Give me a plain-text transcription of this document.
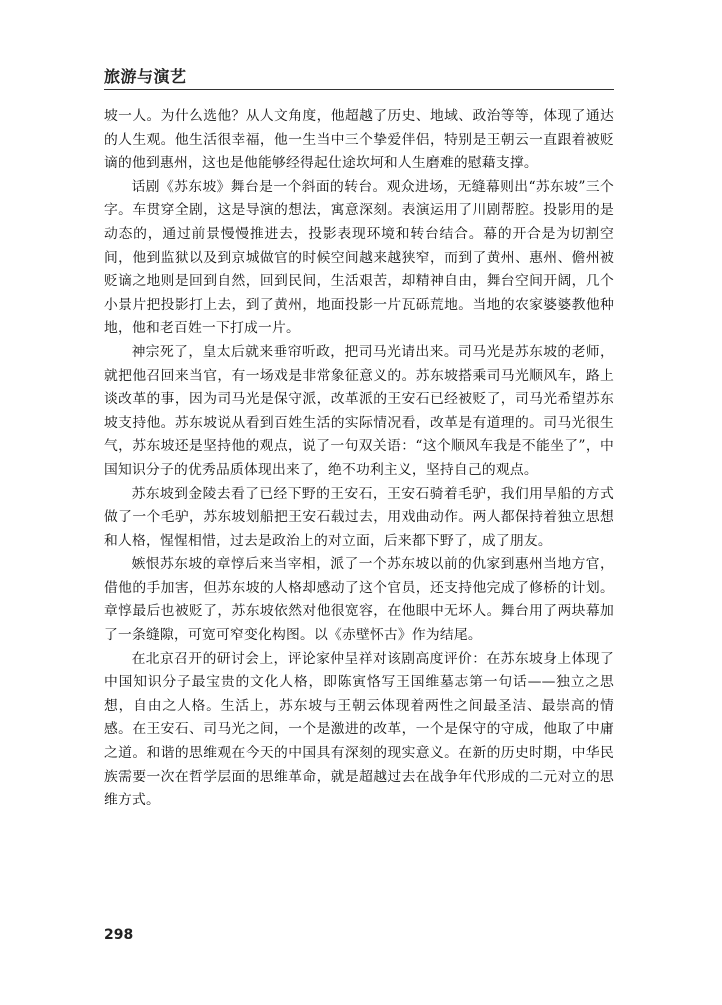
旅游与演艺

坡一人。为什么选他？从人文角度，他超越了历史、地域、政治等等，体现了通达的人生观。他生活很幸福，他一生当中三个挚爱伴侣，特别是王朝云一直跟着被贬谪的他到惠州，这也是他能够经得起仕途坎坷和人生磨难的慰藉支撑。

话剧《苏东坡》舞台是一个斜面的转台。观众进场，无缝幕则出“苏东坡”三个字。车贯穿全剧，这是导演的想法，寓意深刻。表演运用了川剧帮腔。投影用的是动态的，通过前景慢慢推进去，投影表现环境和转台结合。幕的开合是为切割空间，他到监狱以及到京城做官的时候空间越来越狭窄，而到了黄州、惠州、儋州被贬谪之地则是回到自然，回到民间，生活艰苦，却精神自由，舞台空间开阔，几个小景片把投影打上去，到了黄州，地面投影一片瓦砾荒地。当地的农家婆婆教他种地，他和老百姓一下打成一片。

神宗死了，皇太后就来垂帘听政，把司马光请出来。司马光是苏东坡的老师，就把他召回来当官，有一场戏是非常象征意义的。苏东坡搭乘司马光顺风车，路上谈改革的事，因为司马光是保守派，改革派的王安石已经被贬了，司马光希望苏东坡支持他。苏东坡说从看到百姓生活的实际情况看，改革是有道理的。司马光很生气，苏东坡还是坚持他的观点，说了一句双关语：“这个顺风车我是不能坐了”，中国知识分子的优秀品质体现出来了，绝不功利主义，坚持自己的观点。

苏东坡到金陵去看了已经下野的王安石，王安石骑着毛驴，我们用旱船的方式做了一个毛驴，苏东坡划船把王安石载过去，用戏曲动作。两人都保持着独立思想和人格，惺惺相惜，过去是政治上的对立面，后来都下野了，成了朋友。

嫉恨苏东坡的章惇后来当宰相，派了一个苏东坡以前的仇家到惠州当地方官，借他的手加害，但苏东坡的人格却感动了这个官员，还支持他完成了修桥的计划。章惇最后也被贬了，苏东坡依然对他很宽容，在他眼中无坏人。舞台用了两块幕加了一条缝隙，可宽可窄变化构图。以《赤壁怀古》作为结尾。

在北京召开的研讨会上，评论家仲呈祥对该剧高度评价：在苏东坡身上体现了中国知识分子最宝贵的文化人格，即陈寅恪写王国维墓志第一句话——独立之思想，自由之人格。生活上，苏东坡与王朝云体现着两性之间最圣洁、最崇高的情感。在王安石、司马光之间，一个是激进的改革，一个是保守的守成，他取了中庸之道。和谐的思维观在今天的中国具有深刻的现实意义。在新的历史时期，中华民族需要一次在哲学层面的思维革命，就是超越过去在战争年代形成的二元对立的思维方式。

298
